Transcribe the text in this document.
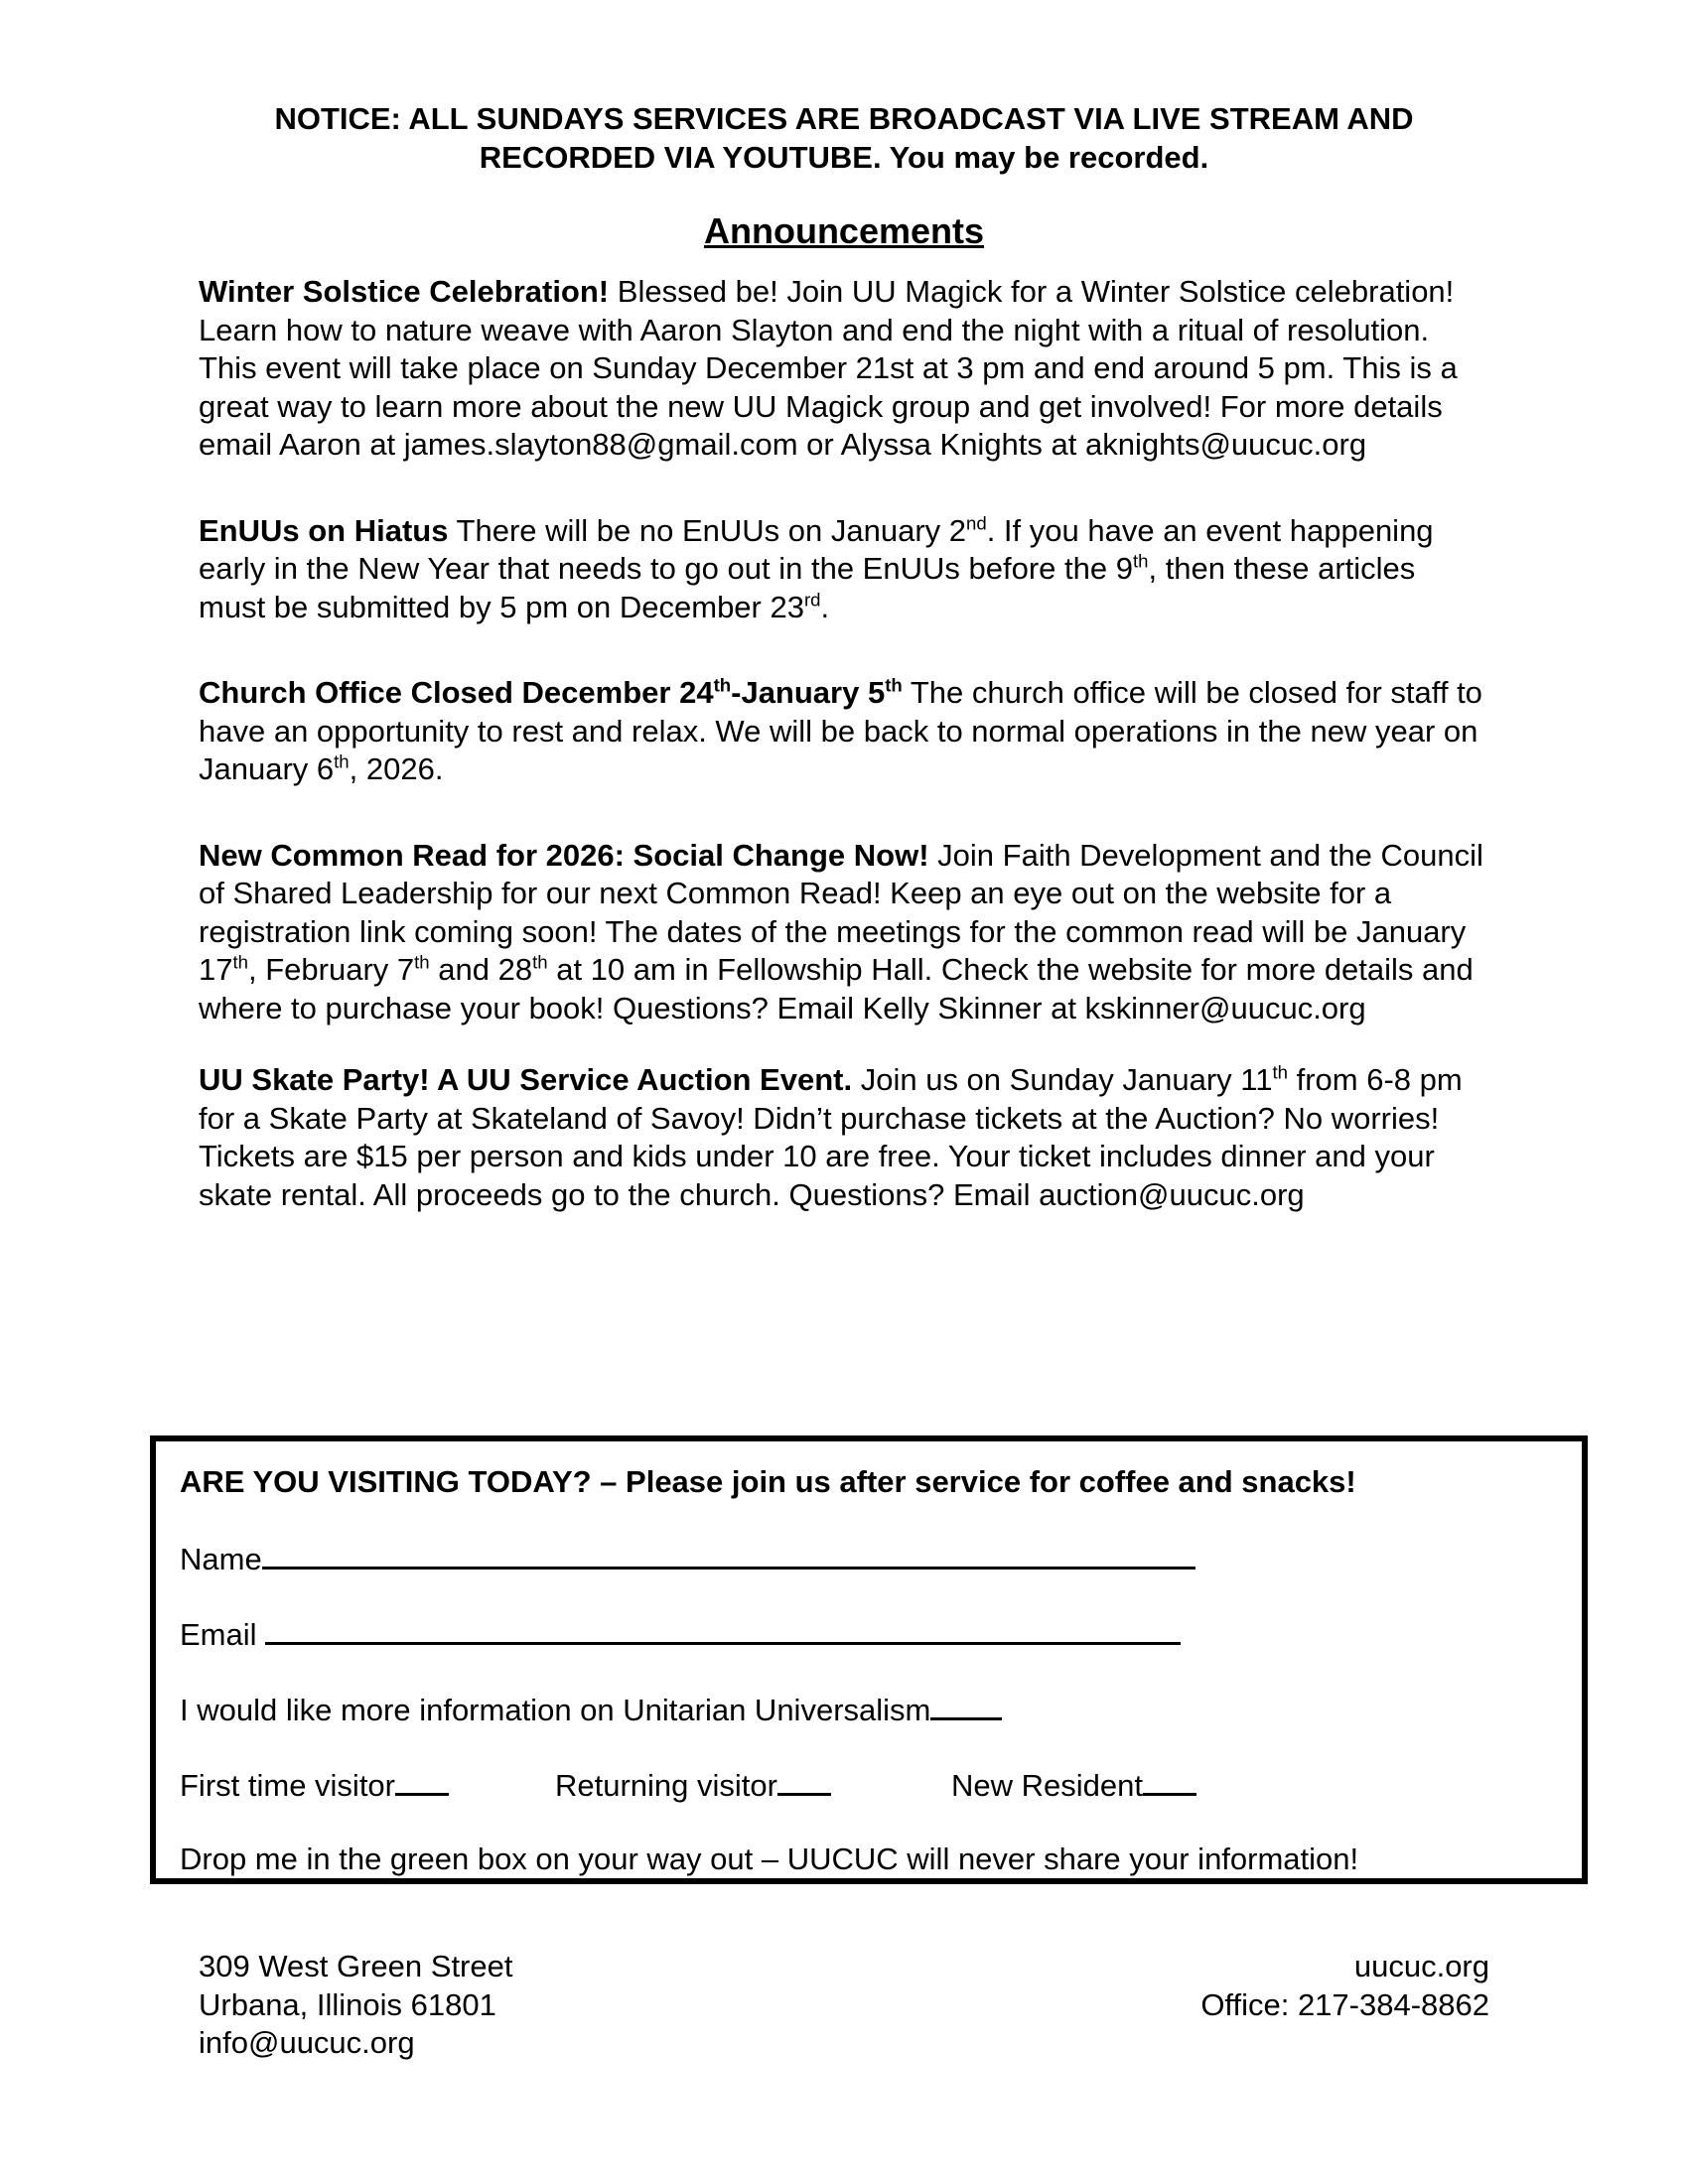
NOTICE: ALL SUNDAYS SERVICES ARE BROADCAST VIA LIVE STREAM AND
RECORDED VIA YOUTUBE. You may be recorded.
Announcements

Winter Solstice Celebration! Blessed be! Join UU Magick for a Winter Solstice celebration! Learn how to nature weave with Aaron Slayton and end the night with a ritual of resolution. This event will take place on Sunday December 21st at 3 pm and end around 5 pm. This is a great way to learn more about the new UU Magick group and get involved! For more details email Aaron at james.slayton88@gmail.com or Alyssa Knights at aknights@uucuc.org

EnUUs on Hiatus There will be no EnUUs on January 2nd. If you have an event happening early in the New Year that needs to go out in the EnUUs before the 9th, then these articles must be submitted by 5 pm on December 23rd.

Church Office Closed December 24th-January 5th The church office will be closed for staff to have an opportunity to rest and relax. We will be back to normal operations in the new year on January 6th, 2026.

New Common Read for 2026: Social Change Now! Join Faith Development and the Council of Shared Leadership for our next Common Read! Keep an eye out on the website for a registration link coming soon! The dates of the meetings for the common read will be January 17th, February 7th and 28th at 10 am in Fellowship Hall. Check the website for more details and where to purchase your book! Questions? Email Kelly Skinner at kskinner@uucuc.org

UU Skate Party! A UU Service Auction Event. Join us on Sunday January 11th from 6-8 pm for a Skate Party at Skateland of Savoy! Didn’t purchase tickets at the Auction? No worries! Tickets are $15 per person and kids under 10 are free. Your ticket includes dinner and your skate rental. All proceeds go to the church. Questions? Email auction@uucuc.org

ARE YOU VISITING TODAY? – Please join us after service for coffee and snacks!
Name
Email
I would like more information on Unitarian Universalism
First time visitor	Returning visitor	New Resident
Drop me in the green box on your way out – UUCUC will never share your information!
309 West Green Street
Urbana, Illinois 61801
info@uucuc.org
uucuc.org
Office: 217-384-8862
